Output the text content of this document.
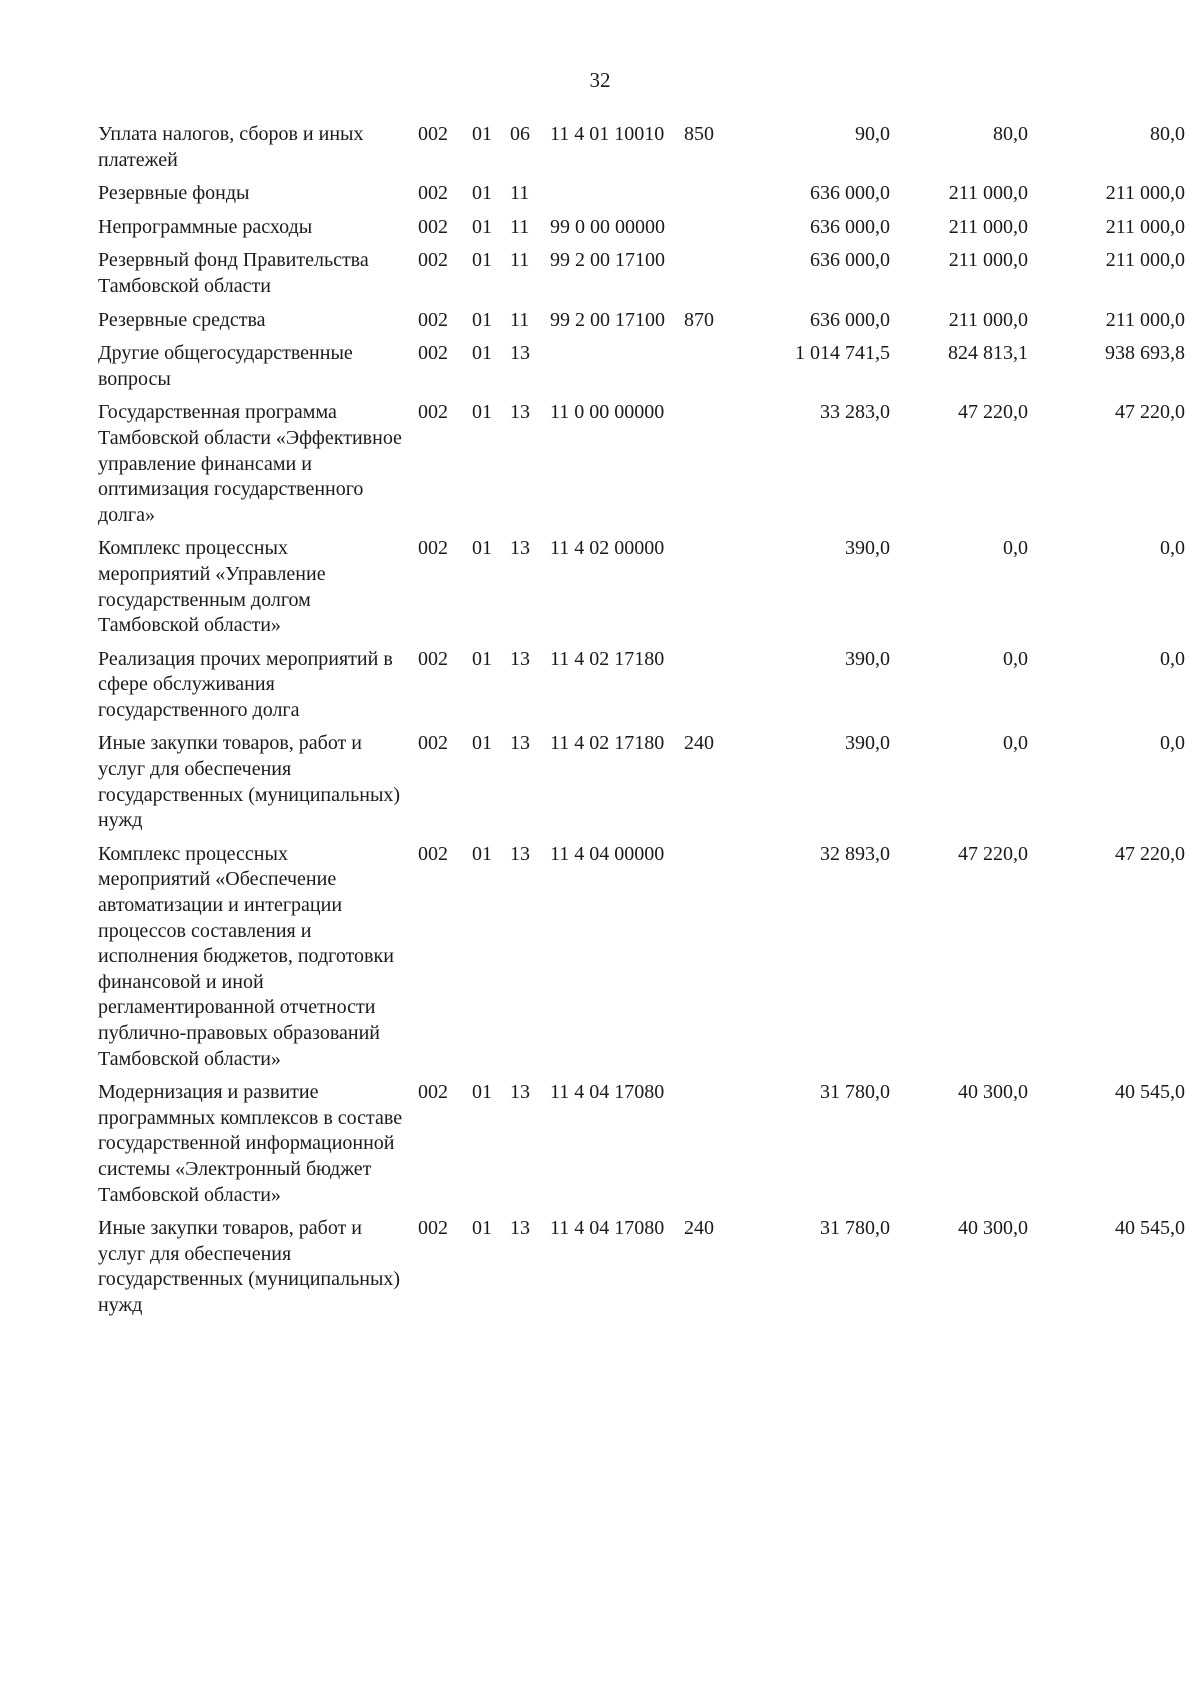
32
Уплата налогов, сборов и иных платежей	002	01	06	11 4 01 10010	850	90,0	80,0	80,0
Резервные фонды	002	01	11			636 000,0	211 000,0	211 000,0
Непрограммные расходы	002	01	11	99 0 00 00000		636 000,0	211 000,0	211 000,0
Резервный фонд Правительства Тамбовской области	002	01	11	99 2 00 17100		636 000,0	211 000,0	211 000,0
Резервные средства	002	01	11	99 2 00 17100	870	636 000,0	211 000,0	211 000,0
Другие общегосударственные вопросы	002	01	13			1 014 741,5	824 813,1	938 693,8
Государственная программа Тамбовской области «Эффективное управление финансами и оптимизация государственного долга»	002	01	13	11 0 00 00000		33 283,0	47 220,0	47 220,0
Комплекс процессных мероприятий «Управление государственным долгом Тамбовской области»	002	01	13	11 4 02 00000		390,0	0,0	0,0
Реализация прочих мероприятий в сфере обслуживания государственного долга	002	01	13	11 4 02 17180		390,0	0,0	0,0
Иные закупки товаров, работ и услуг для обеспечения государственных (муниципальных) нужд	002	01	13	11 4 02 17180	240	390,0	0,0	0,0
Комплекс процессных мероприятий «Обеспечение автоматизации и интеграции процессов составления и исполнения бюджетов, подготовки финансовой и иной регламентированной отчетности публично-правовых образований Тамбовской области»	002	01	13	11 4 04 00000		32 893,0	47 220,0	47 220,0
Модернизация и развитие программных комплексов в составе государственной информационной системы «Электронный бюджет Тамбовской области»	002	01	13	11 4 04 17080		31 780,0	40 300,0	40 545,0
Иные закупки товаров, работ и услуг для обеспечения государственных (муниципальных) нужд	002	01	13	11 4 04 17080	240	31 780,0	40 300,0	40 545,0
